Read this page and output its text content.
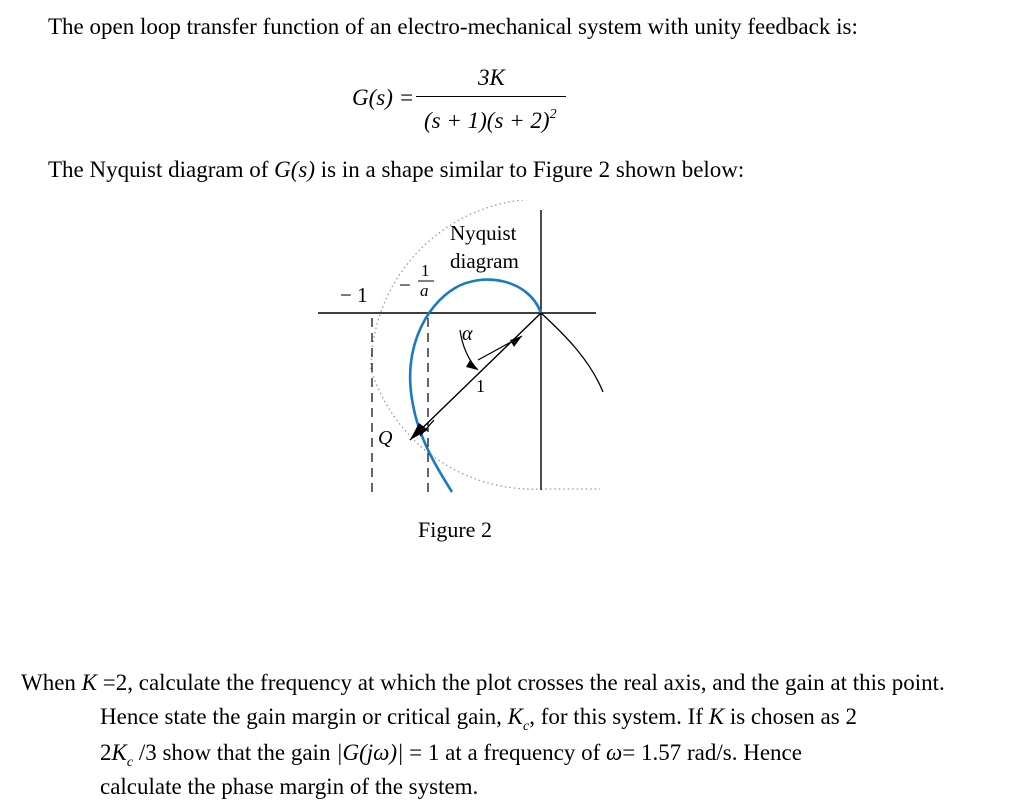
The open loop transfer function of an electro-mechanical system with unity feedback is:
G(s) =
3K
$(s + 1)(s + 2)^2$
The Nyquist diagram of G(s) is in a shape similar to Figure 2 shown below:
Nyquist
diagram
− 1 −
1
a
α
1
Q
Figure 2
When K =2, calculate the frequency at which the plot crosses the real axis, and the gain at this point.
Hence state the gain margin or critical gain, $K_c$, for this system. If K is chosen as 2
$2K_c$ /3 show that the gain |G(jω)| = 1 at a frequency of ω= 1.57 rad/s. Hence
calculate the phase margin of the system.
